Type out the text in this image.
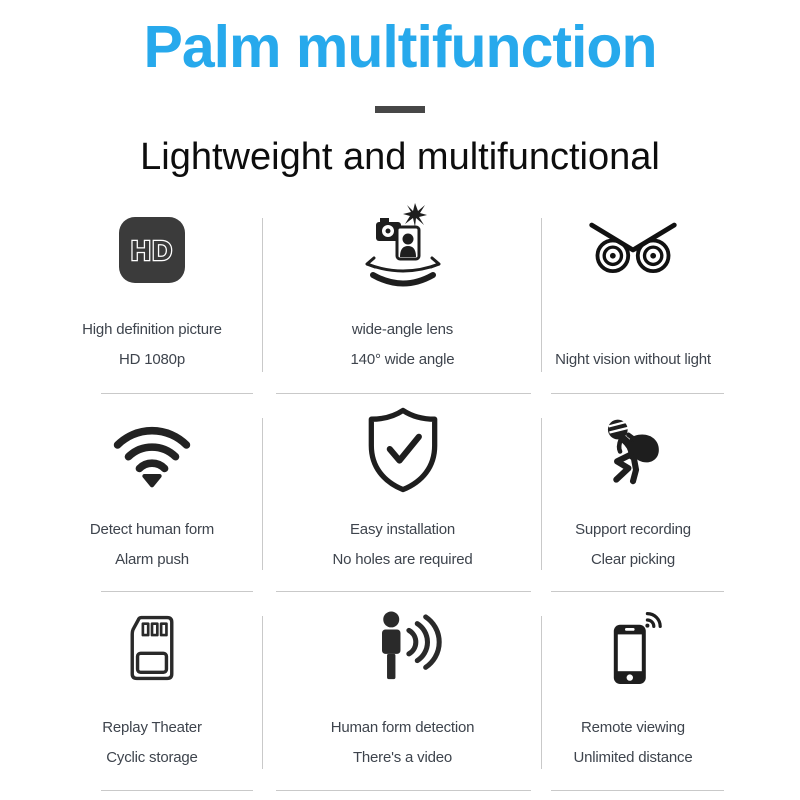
Palm multifunction
Lightweight and multifunctional
HD
High definition picture
HD 1080p
wide-angle lens
140° wide angle	Night vision without light
Detect human form
Alarm push
Easy installation
No holes are required
Support recording
Clear picking
Replay Theater
Cyclic storage
Human form detection
There's a video
Remote viewing
Unlimited distance
